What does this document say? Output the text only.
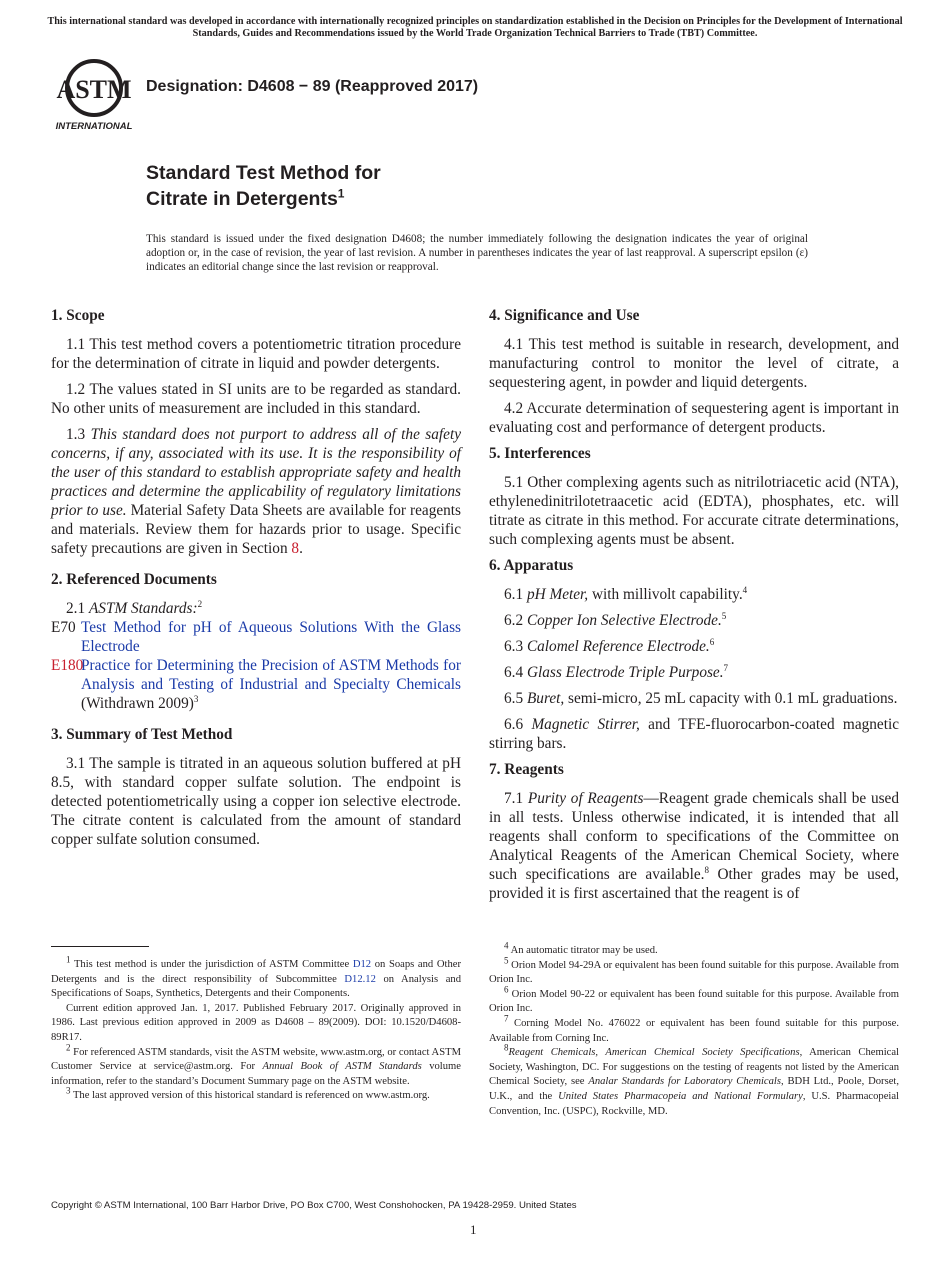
This international standard was developed in accordance with internationally recognized principles on standardization established in the Decision on Principles for the Development of International Standards, Guides and Recommendations issued by the World Trade Organization Technical Barriers to Trade (TBT) Committee.
ASTM
INTERNATIONAL
Designation: D4608 − 89 (Reapproved 2017)
Standard Test Method for
Citrate in Detergents$^1$
This standard is issued under the fixed designation D4608; the number immediately following the designation indicates the year of original adoption or, in the case of revision, the year of last revision. A number in parentheses indicates the year of last reapproval. A superscript epsilon (ε) indicates an editorial change since the last revision or reapproval.
1. Scope

1.1 This test method covers a potentiometric titration procedure for the determination of citrate in liquid and powder detergents.

1.2 The values stated in SI units are to be regarded as standard. No other units of measurement are included in this standard.

1.3 This standard does not purport to address all of the safety concerns, if any, associated with its use. It is the responsibility of the user of this standard to establish appropriate safety and health practices and determine the applicability of regulatory limitations prior to use. Material Safety Data Sheets are available for reagents and materials. Review them for hazards prior to usage. Specific safety precautions are given in Section 8.

2. Referenced Documents

2.1 ASTM Standards:$^2$

E70 Test Method for pH of Aqueous Solutions With the Glass Electrode
E180Practice for Determining the Precision of ASTM Methods for Analysis and Testing of Industrial and Specialty Chemicals (Withdrawn 2009)$^3$
3. Summary of Test Method

3.1 The sample is titrated in an aqueous solution buffered at pH 8.5, with standard copper sulfate solution. The endpoint is detected potentiometrically using a copper ion selective electrode. The citrate content is calculated from the amount of standard copper sulfate solution consumed.

4. Significance and Use

4.1 This test method is suitable in research, development, and manufacturing control to monitor the level of citrate, a sequestering agent, in powder and liquid detergents.

4.2 Accurate determination of sequestering agent is important in evaluating cost and performance of detergent products.

5. Interferences

5.1 Other complexing agents such as nitrilotriacetic acid (NTA), ethylenedinitrilotetraacetic acid (EDTA), phosphates, etc. will titrate as citrate in this method. For accurate citrate determinations, such complexing agents must be absent.

6. Apparatus

6.1 pH Meter, with millivolt capability.$^4$

6.2 Copper Ion Selective Electrode.$^5$

6.3 Calomel Reference Electrode.$^6$

6.4 Glass Electrode Triple Purpose.$^7$

6.5 Buret, semi-micro, 25 mL capacity with 0.1 mL graduations.

6.6 Magnetic Stirrer, and TFE-fluorocarbon-coated magnetic stirring bars.

7. Reagents

7.1 Purity of Reagents—Reagent grade chemicals shall be used in all tests. Unless otherwise indicated, it is intended that all reagents shall conform to specifications of the Committee on Analytical Reagents of the American Chemical Society, where such specifications are available.$^8$ Other grades may be used, provided it is first ascertained that the reagent is of

$^1$ This test method is under the jurisdiction of ASTM Committee D12 on Soaps and Other Detergents and is the direct responsibility of Subcommittee D12.12 on Analysis and Specifications of Soaps, Synthetics, Detergents and their Components.

Current edition approved Jan. 1, 2017. Published February 2017. Originally approved in 1986. Last previous edition approved in 2009 as D4608 – 89(2009). DOI: 10.1520/D4608-89R17.

$^2$ For referenced ASTM standards, visit the ASTM website, www.astm.org, or contact ASTM Customer Service at service@astm.org. For Annual Book of ASTM Standards volume information, refer to the standard’s Document Summary page on the ASTM website.

$^3$ The last approved version of this historical standard is referenced on www.astm.org.

$^4$ An automatic titrator may be used.

$^5$ Orion Model 94-29A or equivalent has been found suitable for this purpose. Available from Orion Inc.

$^6$ Orion Model 90-22 or equivalent has been found suitable for this purpose. Available from Orion Inc.

$^7$ Corning Model No. 476022 or equivalent has been found suitable for this purpose. Available from Corning Inc.

$^8$Reagent Chemicals, American Chemical Society Specifications, American Chemical Society, Washington, DC. For suggestions on the testing of reagents not listed by the American Chemical Society, see Analar Standards for Laboratory Chemicals, BDH Ltd., Poole, Dorset, U.K., and the United States Pharmacopeia and National Formulary, U.S. Pharmacopeial Convention, Inc. (USPC), Rockville, MD.

Copyright © ASTM International, 100 Barr Harbor Drive, PO Box C700, West Conshohocken, PA 19428-2959. United States
1
